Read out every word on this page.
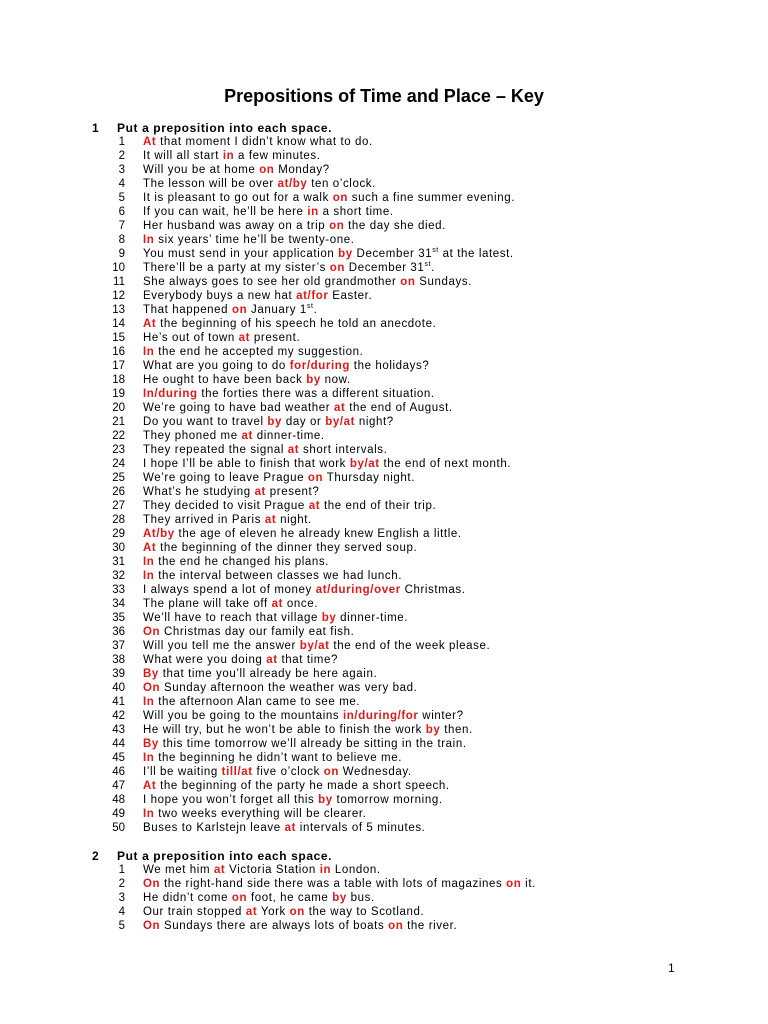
Prepositions of Time and Place – Key
1 Put a preposition into each space.
1 At that moment I didn’t know what to do.
2 It will all start in a few minutes.
3 Will you be at home on Monday?
4 The lesson will be over at/by ten o’clock.
5 It is pleasant to go out for a walk on such a fine summer evening.
6 If you can wait, he’ll be here in a short time.
7 Her husband was away on a trip on the day she died.
8 In six years’ time he’ll be twenty-one.
9 You must send in your application by December 31st at the latest.
10 There’ll be a party at my sister’s on December 31st.
11 She always goes to see her old grandmother on Sundays.
12 Everybody buys a new hat at/for Easter.
13 That happened on January 1st.
14 At the beginning of his speech he told an anecdote.
15 He’s out of town at present.
16 In the end he accepted my suggestion.
17 What are you going to do for/during the holidays?
18 He ought to have been back by now.
19 In/during the forties there was a different situation.
20 We’re going to have bad weather at the end of August.
21 Do you want to travel by day or by/at night?
22 They phoned me at dinner-time.
23 They repeated the signal at short intervals.
24 I hope I’ll be able to finish that work by/at the end of next month.
25 We’re going to leave Prague on Thursday night.
26 What’s he studying at present?
27 They decided to visit Prague at the end of their trip.
28 They arrived in Paris at night.
29 At/by the age of eleven he already knew English a little.
30 At the beginning of the dinner they served soup.
31 In the end he changed his plans.
32 In the interval between classes we had lunch.
33 I always spend a lot of money at/during/over Christmas.
34 The plane will take off at once.
35 We’ll have to reach that village by dinner-time.
36 On Christmas day our family eat fish.
37 Will you tell me the answer by/at the end of the week please.
38 What were you doing at that time?
39 By that time you’ll already be here again.
40 On Sunday afternoon the weather was very bad.
41 In the afternoon Alan came to see me.
42 Will you be going to the mountains in/during/for winter?
43 He will try, but he won’t be able to finish the work by then.
44 By this time tomorrow we’ll already be sitting in the train.
45 In the beginning he didn’t want to believe me.
46 I’ll be waiting till/at five o’clock on Wednesday.
47 At the beginning of the party he made a short speech.
48 I hope you won’t forget all this by tomorrow morning.
49 In two weeks everything will be clearer.
50 Buses to Karlstejn leave at intervals of 5 minutes.
2 Put a preposition into each space.
1 We met him at Victoria Station in London.
2 On the right-hand side there was a table with lots of magazines on it.
3 He didn’t come on foot, he came by bus.
4 Our train stopped at York on the way to Scotland.
5 On Sundays there are always lots of boats on the river.
1
